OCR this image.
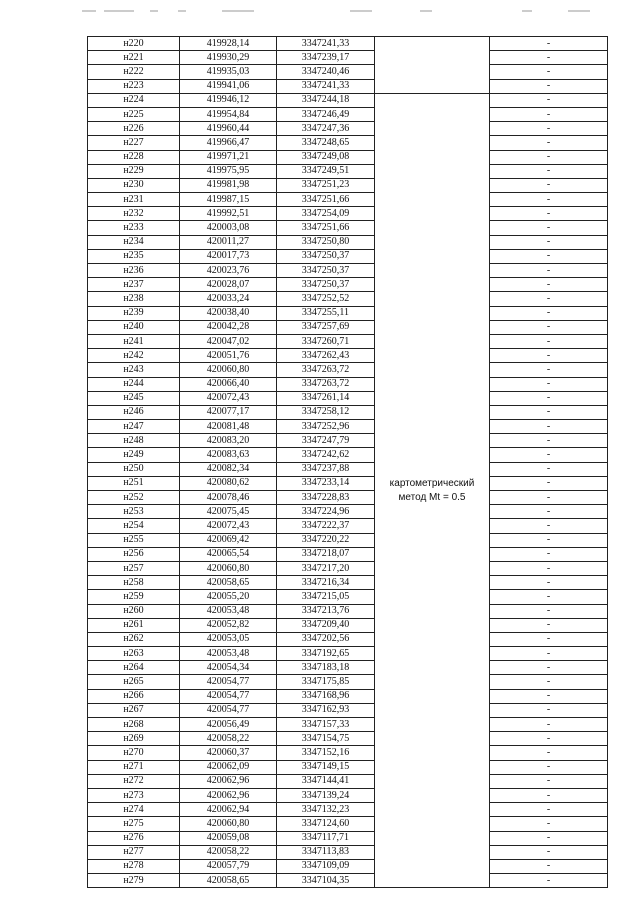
н220	419928,14	3347241,33		-
н221	419930,29	3347239,17		-
н222	419935,03	3347240,46		-
н223	419941,06	3347241,33		-
н224	419946,12	3347244,18	картометрический метод Mt = 0.5	-
н225	419954,84	3347246,49		-
н226	419960,44	3347247,36		-
н227	419966,47	3347248,65		-
н228	419971,21	3347249,08		-
н229	419975,95	3347249,51		-
н230	419981,98	3347251,23		-
н231	419987,15	3347251,66		-
н232	419992,51	3347254,09		-
н233	420003,08	3347251,66		-
н234	420011,27	3347250,80		-
н235	420017,73	3347250,37		-
н236	420023,76	3347250,37		-
н237	420028,07	3347250,37		-
н238	420033,24	3347252,52		-
н239	420038,40	3347255,11		-
н240	420042,28	3347257,69		-
н241	420047,02	3347260,71		-
н242	420051,76	3347262,43		-
н243	420060,80	3347263,72		-
н244	420066,40	3347263,72		-
н245	420072,43	3347261,14		-
н246	420077,17	3347258,12		-
н247	420081,48	3347252,96		-
н248	420083,20	3347247,79		-
н249	420083,63	3347242,62		-
н250	420082,34	3347237,88		-
н251	420080,62	3347233,14		-
н252	420078,46	3347228,83		-
н253	420075,45	3347224,96		-
н254	420072,43	3347222,37		-
н255	420069,42	3347220,22		-
н256	420065,54	3347218,07		-
н257	420060,80	3347217,20		-
н258	420058,65	3347216,34		-
н259	420055,20	3347215,05		-
н260	420053,48	3347213,76		-
н261	420052,82	3347209,40		-
н262	420053,05	3347202,56		-
н263	420053,48	3347192,65		-
н264	420054,34	3347183,18		-
н265	420054,77	3347175,85		-
н266	420054,77	3347168,96		-
н267	420054,77	3347162,93		-
н268	420056,49	3347157,33		-
н269	420058,22	3347154,75		-
н270	420060,37	3347152,16		-
н271	420062,09	3347149,15		-
н272	420062,96	3347144,41		-
н273	420062,96	3347139,24		-
н274	420062,94	3347132,23		-
н275	420060,80	3347124,60		-
н276	420059,08	3347117,71		-
н277	420058,22	3347113,83		-
н278	420057,79	3347109,09		-
н279	420058,65	3347104,35		-
